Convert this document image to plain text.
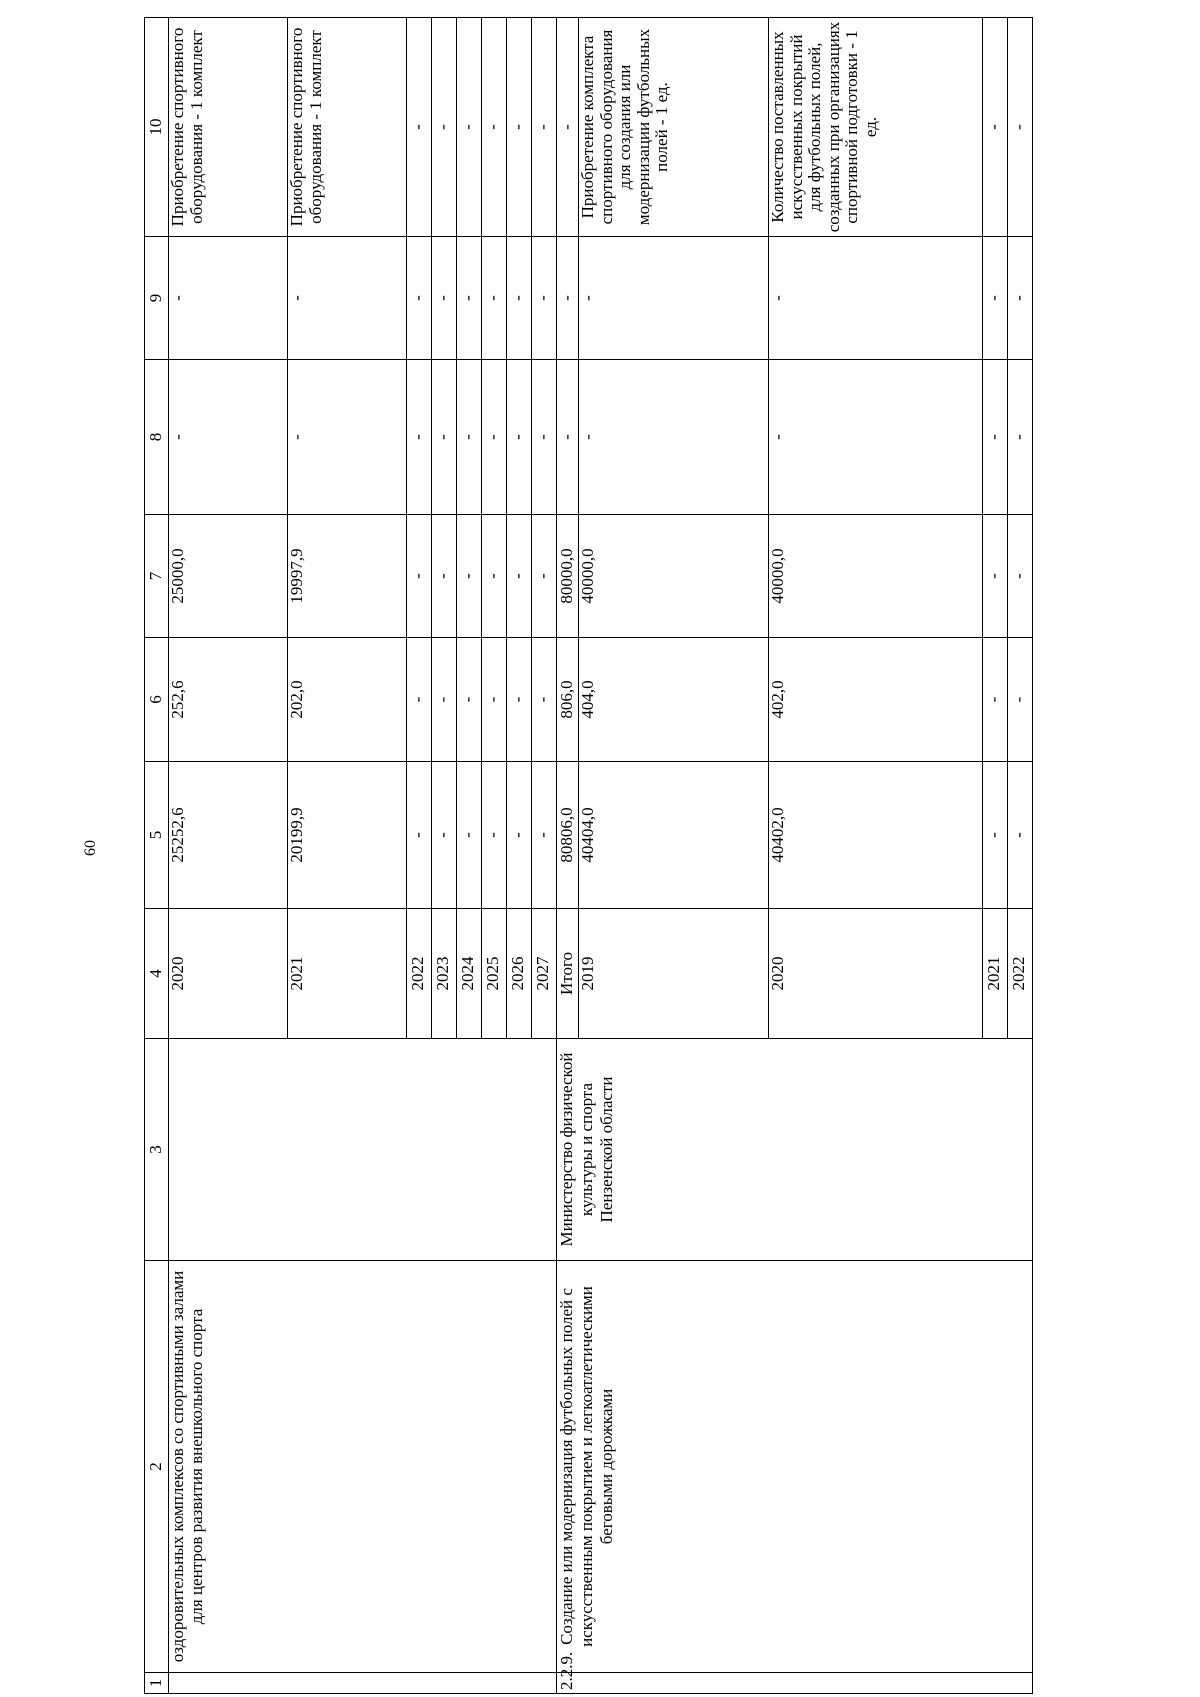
60
1	2	3	4	5	6	7	8	9	10	
	оздоровительных комплексов со спортивными залами для центров развития внешкольного спорта		2020	25252,6	252,6	25000,0	-	-	Приобретение спортивного оборудования - 1 комплект	
			2021	20199,9	202,0	19997,9	-	-	Приобретение спортивного оборудования - 1 комплект	
			2022	-	-	-	-	-	-	
			2023	-	-	-	-	-	-	
			2024	-	-	-	-	-	-	
			2025	-	-	-	-	-	-	
			2026	-	-	-	-	-	-	
			2027	-	-	-	-	-	-	
2.2.9.	Создание или модернизация футбольных полей с искусственным покрытием и легкоатлетическими беговыми дорожками	Министерство физической культуры и спорта Пензенской области	Итого	80806,0	806,0	80000,0	-	-	-	
			2019	40404,0	404,0	40000,0	-	-	Приобретение комплекта спортивного оборудования для создания или модернизации футбольных полей - 1 ед.	
			2020	40402,0	402,0	40000,0	-	-	Количество поставленных искусственных покрытий для футбольных полей, созданных при организациях спортивной подготовки - 1 ед.	
			2021	-	-	-	-	-	-	
			2022	-	-	-	-	-	-	
